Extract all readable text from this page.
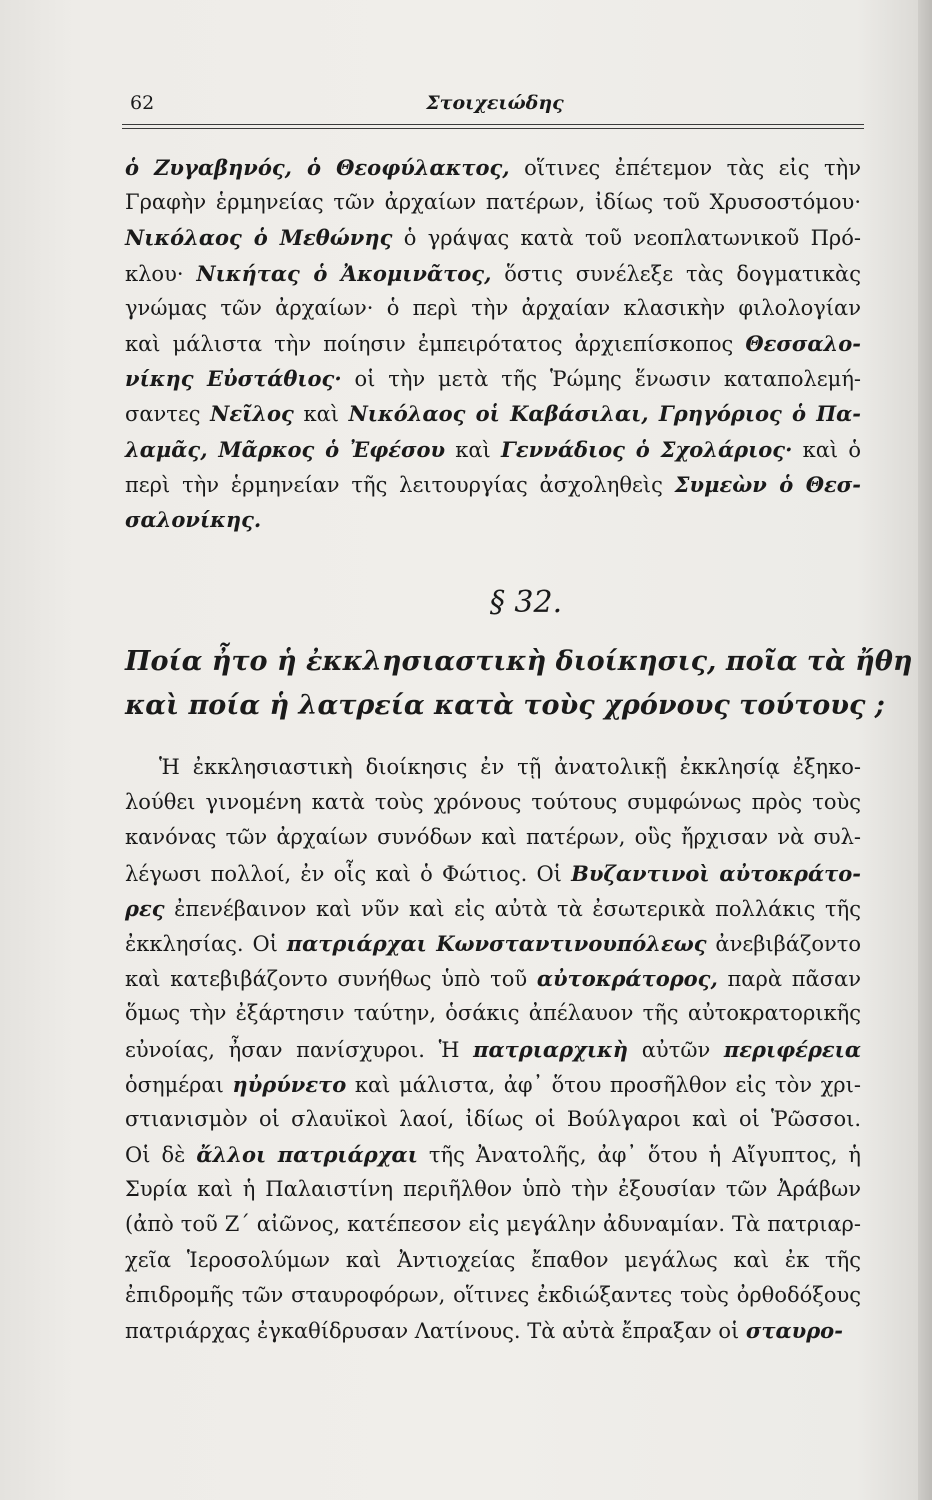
62	Στοιχειώδης
ὁ Ζυγαβηνός, ὁ Θεοφύλακτος, οἵτινες ἐπέτεμον τὰς εἰς τὴν
Γραφὴν ἑρμηνείας τῶν ἀρχαίων πατέρων, ἰδίως τοῦ Χρυσοστόμου·
Νικόλαος ὁ Μεθώνης ὁ γράψας κατὰ τοῦ νεοπλατωνικοῦ Πρό-
κλου· Νικήτας ὁ Ἀκομινᾶτος, ὅστις συνέλεξε τὰς δογματικὰς
γνώμας τῶν ἀρχαίων· ὁ περὶ τὴν ἀρχαίαν κλασικὴν φιλολογίαν
καὶ μάλιστα τὴν ποίησιν ἐμπειρότατος ἀρχιεπίσκοπος Θεσσαλο-
νίκης Εὐστάθιος· οἱ τὴν μετὰ τῆς Ῥώμης ἕνωσιν καταπολεμή-
σαντες Νεῖλος καὶ Νικόλαος οἱ Καβάσιλαι, Γρηγόριος ὁ Πα-
λαμᾶς, Μᾶρκος ὁ Ἐφέσου καὶ Γεννάδιος ὁ Σχολάριος· καὶ ὁ
περὶ τὴν ἑρμηνείαν τῆς λειτουργίας ἀσχοληθεὶς Συμεὼν ὁ Θεσ-
σαλονίκης.
§ 32.
Ποία ἦτο ἡ ἐκκλησιαστικὴ διοίκησις, ποῖα τὰ ἤθη
καὶ ποία ἡ λατρεία κατὰ τοὺς χρόνους τούτους ;
Ἡ ἐκκλησιαστικὴ διοίκησις ἐν τῇ ἀνατολικῇ ἐκκλησίᾳ ἐξηκο-
λούθει γινομένη κατὰ τοὺς χρόνους τούτους συμφώνως πρὸς τοὺς
κανόνας τῶν ἀρχαίων συνόδων καὶ πατέρων, οὓς ἤρχισαν νὰ συλ-
λέγωσι πολλοί, ἐν οἷς καὶ ὁ Φώτιος. Οἱ Βυζαντινοὶ αὐτοκράτο-
ρες ἐπενέβαινον καὶ νῦν καὶ εἰς αὐτὰ τὰ ἐσωτερικὰ πολλάκις τῆς
ἐκκλησίας. Οἱ πατριάρχαι Κωνσταντινουπόλεως ἀνεβιβάζοντο
καὶ κατεβιβάζοντο συνήθως ὑπὸ τοῦ αὐτοκράτορος, παρὰ πᾶσαν
ὅμως τὴν ἐξάρτησιν ταύτην, ὁσάκις ἀπέλαυον τῆς αὐτοκρατορικῆς
εὐνοίας, ἦσαν πανίσχυροι. Ἡ πατριαρχικὴ αὐτῶν περιφέρεια
ὁσημέραι ηὐρύνετο καὶ μάλιστα, ἀφ᾽ ὅτου προσῆλθον εἰς τὸν χρι-
στιανισμὸν οἱ σλαυϊκοὶ λαοί, ἰδίως οἱ Βούλγαροι καὶ οἱ Ῥῶσσοι.
Οἱ δὲ ἄλλοι πατριάρχαι τῆς Ἀνατολῆς, ἀφ᾽ ὅτου ἡ Αἴγυπτος, ἡ
Συρία καὶ ἡ Παλαιστίνη περιῆλθον ὑπὸ τὴν ἐξουσίαν τῶν Ἀράβων
(ἀπὸ τοῦ Ζ´ αἰῶνος, κατέπεσον εἰς μεγάλην ἀδυναμίαν. Τὰ πατριαρ-
χεῖα Ἱεροσολύμων καὶ Ἀντιοχείας ἔπαθον μεγάλως καὶ ἐκ τῆς
ἐπιδρομῆς τῶν σταυροφόρων, οἵτινες ἐκδιώξαντες τοὺς ὀρθοδόξους
πατριάρχας ἐγκαθίδρυσαν Λατίνους. Τὰ αὐτὰ ἔπραξαν οἱ σταυρο-
